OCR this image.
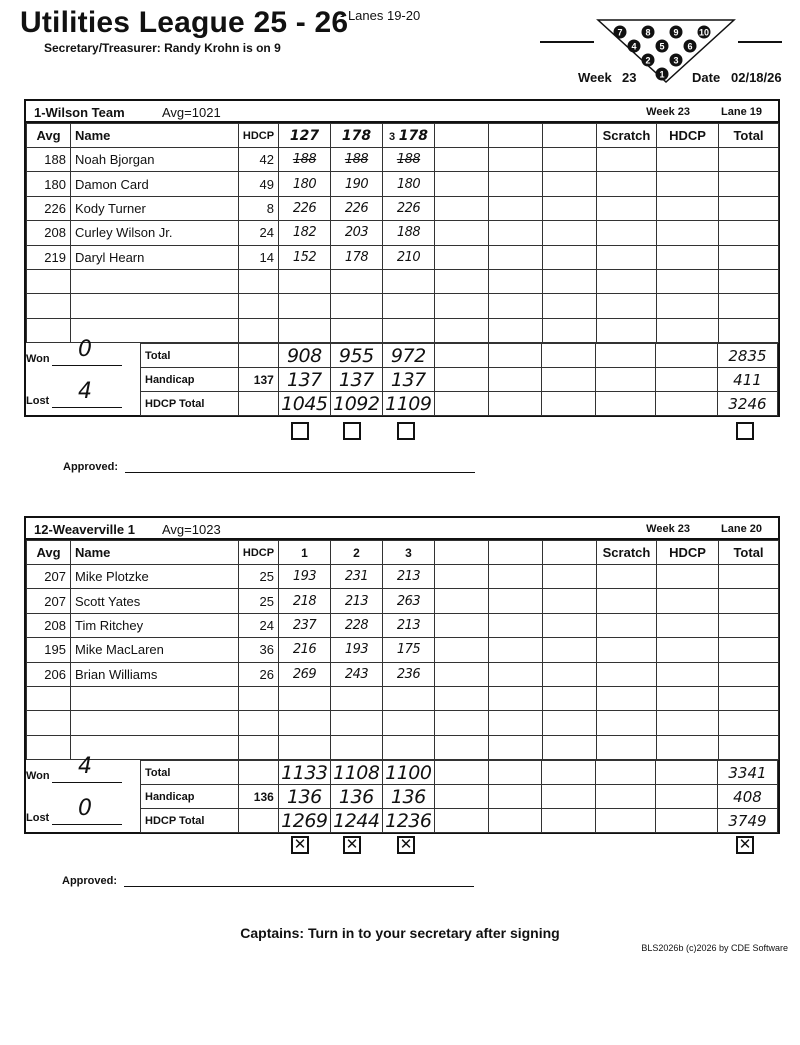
Utilities League 25 - 26
- Lanes 19-20
Secretary/Treasurer: Randy Krohn is on 9
7	8	9 10
4	5	6
2	3
1
Week 23	Date 02/18/26
1-Wilson Team	Avg=1021	Week 23	Lane 19
Avg	Name	HDCP	127	178	3 178				Scratch	HDCP	Total
188	Noah Bjorgan	42	188	188	188						
180	Damon Card	49	180	190	180						
226	Kody Turner	8	226	226	226						
208	Curley Wilson Jr.	24	182	203	188						
219	Daryl Hearn	14	152	178	210						

Won 0
Lost 4
Total		908	955	972						2835
Handicap	137	137	137	137						411
HDCP Total		1045	1092	1109						3246
Approved:
12-Weaverville 1 Avg=1023	Week 23	Lane 20
Avg	Name	HDCP	1	2	3				Scratch	HDCP	Total
207	Mike Plotzke	25	193	231	213						
207	Scott Yates	25	218	213	263						
208	Tim Ritchey	24	237	228	213						
195	Mike MacLaren	36	216	193	175						
206	Brian Williams	26	269	243	236						

Won 4
Lost 0
Total		1133	1108	1100						3341
Handicap	136	136	136	136						408
HDCP Total		1269	1244	1236						3749
✕	✕	✕	✕
Approved:
Captains: Turn in to your secretary after signing
BLS2026b (c)2026 by CDE Software
